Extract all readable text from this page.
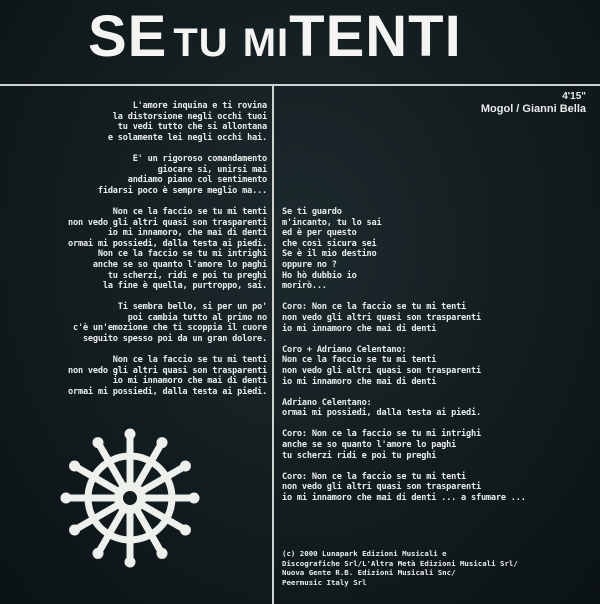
SE TU MITENTI
4'15"
Mogol / Gianni Bella
L'amore inquina e ti rovina
la distorsione negli occhi tuoi
tu vedi tutto che si allontana
e solamente lei negli occhi hai.
E' un rigoroso comandamento
giocare si, unirsi mai
andiamo piano col sentimento
fidarsi poco è sempre meglio ma...
Non ce la faccio se tu mi tenti
non vedo gli altri quasi son trasparenti
io mi innamoro, che mai di denti
ormai mi possiedi, dalla testa ai piedi.
Non ce la faccio se tu mi intrighi
anche se so quanto l'amore lo paghi
tu scherzi, ridi e poi tu preghi
la fine è quella, purtroppo, sai.
Ti sembra bello, si per un po'
poi cambia tutto al primo no
c'è un'emozione che ti scoppia il cuore
seguito spesso poi da un gran dolore.
Non ce la faccio se tu mi tenti
non vedo gli altri quasi son trasparenti
io mi innamoro che mai di denti
ormai mi possiedi, dalla testa ai piedi.
Se ti guardo
m'incanto, tu lo sai
ed è per questo
che così sicura sei
Se è il mio destino
oppure no ?
Ho hò dubbio io
morirò...
Coro: Non ce la faccio se tu mi tenti
non vedo gli altri quasi son trasparenti
io mi innamoro che mai di denti
Coro + Adriano Celentano:
Non ce la faccio se tu mi tenti
non vedo gli altri quasi son trasparenti
io mi innamoro che mai di denti
Adriano Celentano:
ormai mi possiedi, dalla testa ai piedi.
Coro: Non ce la faccio se tu mi intrighi
anche se so quanto l'amore lo paghi
tu scherzi ridi e poi tu preghi
Coro: Non ce la faccio se tu mi tenti
non vedo gli altri quasi son trasparenti
io mi innamoro che mai di denti ... a sfumare ...
(c) 2000 Lunapark Edizioni Musicali e
Discografiche Srl/L'Altra Metà Edizioni Musicali Srl/
Nuova Gente R.B. Edizioni Musicali Snc/
Peermusic Italy Srl
